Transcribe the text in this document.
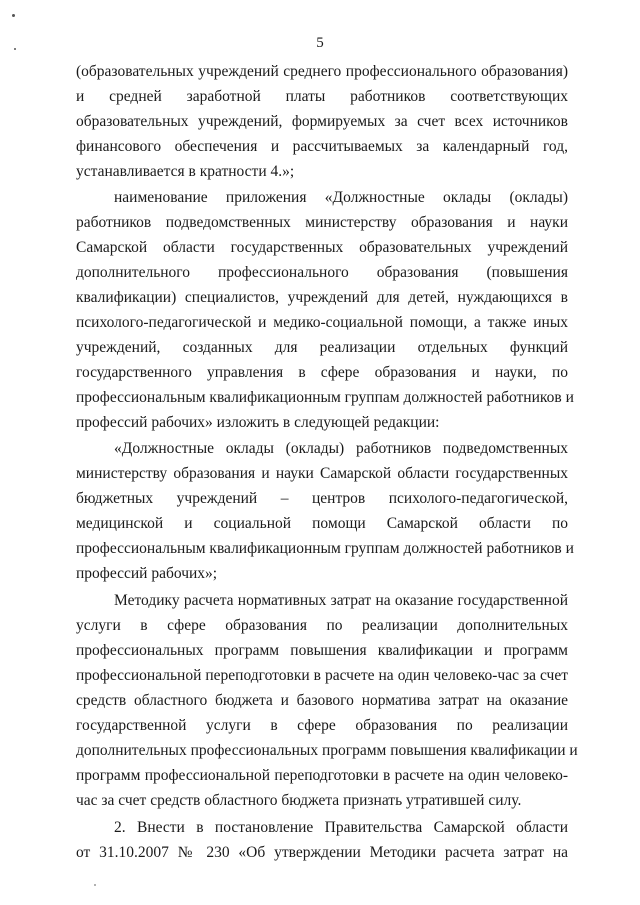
5
(образовательных учреждений среднего профессионального образования)
и средней заработной платы работников соответствующих
образовательных учреждений, формируемых за счет всех источников
финансового обеспечения и рассчитываемых за календарный год,
устанавливается в кратности 4.»;
наименование приложения «Должностные оклады (оклады)
работников подведомственных министерству образования и науки
Самарской области государственных образовательных учреждений
дополнительного профессионального образования (повышения
квалификации) специалистов, учреждений для детей, нуждающихся в
психолого-педагогической и медико-социальной помощи, а также иных
учреждений, созданных для реализации отдельных функций
государственного управления в сфере образования и науки, по
профессиональным квалификационным группам должностей работников и
профессий рабочих» изложить в следующей редакции:
«Должностные оклады (оклады) работников подведомственных
министерству образования и науки Самарской области государственных
бюджетных учреждений – центров психолого-педагогической,
медицинской и социальной помощи Самарской области по
профессиональным квалификационным группам должностей работников и
профессий рабочих»;
Методику расчета нормативных затрат на оказание государственной
услуги в сфере образования по реализации дополнительных
профессиональных программ повышения квалификации и программ
профессиональной переподготовки в расчете на один человеко-час за счет
средств областного бюджета и базового норматива затрат на оказание
государственной услуги в сфере образования по реализации
дополнительных профессиональных программ повышения квалификации и
программ профессиональной переподготовки в расчете на один человеко-
час за счет средств областного бюджета признать утратившей силу.
2. Внести в постановление Правительства Самарской области
от 31.10.2007 № 230 «Об утверждении Методики расчета затрат на
